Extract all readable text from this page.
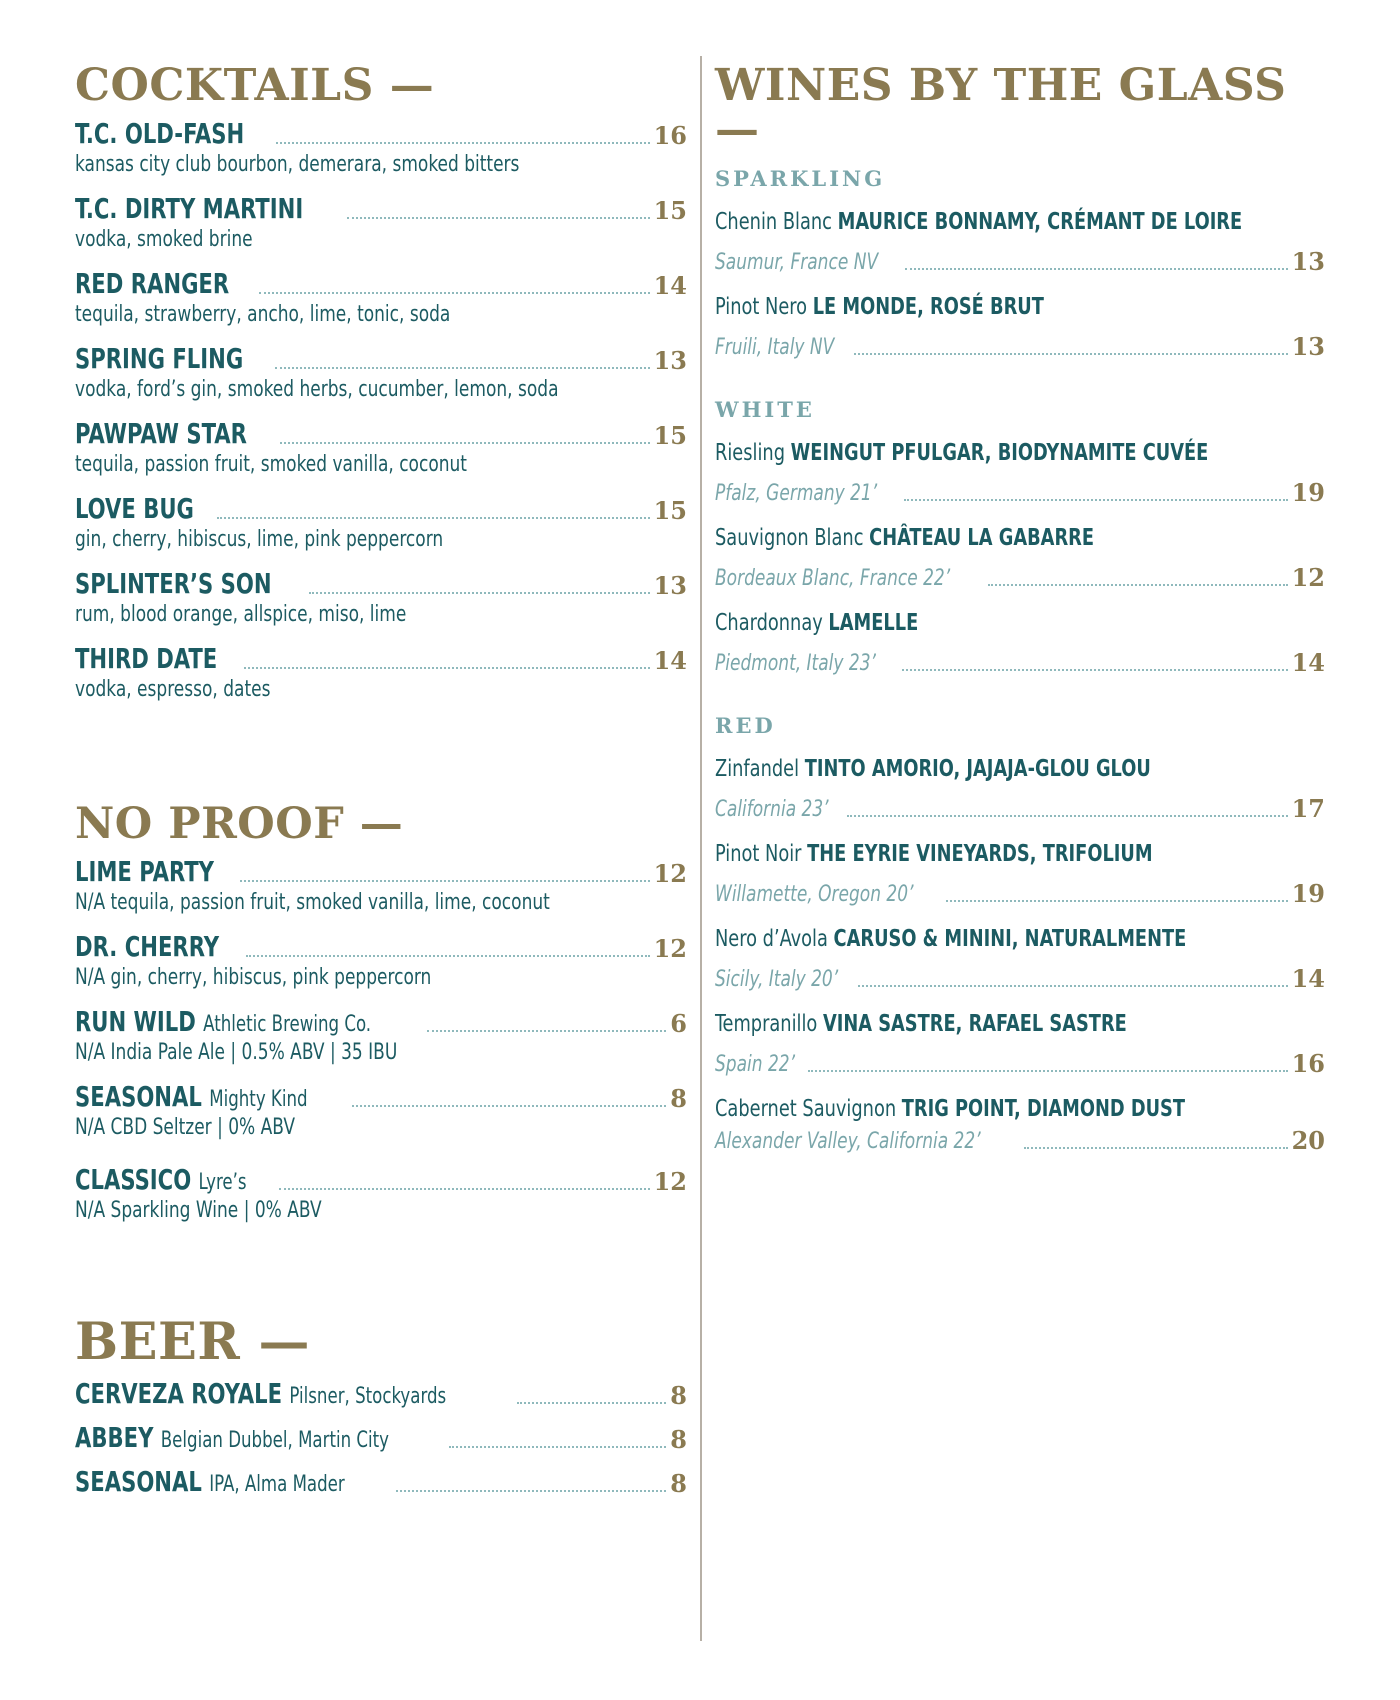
COCKTAILS —
T.C. OLD-FASH	16
kansas city club bourbon, demerara, smoked bitters
T.C. DIRTY MARTINI	15
vodka, smoked brine
RED RANGER	14
tequila, strawberry, ancho, lime, tonic, soda
SPRING FLING	13
vodka, ford’s gin, smoked herbs, cucumber, lemon, soda
PAWPAW STAR	15
tequila, passion fruit, smoked vanilla, coconut
LOVE BUG	15
gin, cherry, hibiscus, lime, pink peppercorn
SPLINTER’S SON	13
rum, blood orange, allspice, miso, lime
THIRD DATE	14
vodka, espresso, dates
NO PROOF —
LIME PARTY	12
N/A tequila, passion fruit, smoked vanilla, lime, coconut
DR. CHERRY	12
N/A gin, cherry, hibiscus, pink peppercorn
RUN WILD Athletic Brewing Co.	6
N/A India Pale Ale | 0.5% ABV | 35 IBU
SEASONAL Mighty Kind	8
N/A CBD Seltzer | 0% ABV
CLASSICO Lyre’s	12
N/A Sparkling Wine | 0% ABV
BEER —
CERVEZA ROYALE Pilsner, Stockyards	8
ABBEY Belgian Dubbel, Martin City	8
SEASONAL IPA, Alma Mader	8
WINES BY THE GLASS —
SPARKLING
Chenin Blanc MAURICE BONNAMY, CRÉMANT DE LOIRE
Saumur, France NV	13
Pinot Nero LE MONDE, ROSÉ BRUT
Fruili, Italy NV	13
WHITE
Riesling WEINGUT PFULGAR, BIODYNAMITE CUVÉE
Pfalz, Germany 21’	19
Sauvignon Blanc CHÂTEAU LA GABARRE
Bordeaux Blanc, France 22’	12
Chardonnay LAMELLE
Piedmont, Italy 23’	14
RED
Zinfandel TINTO AMORIO, JAJAJA-GLOU GLOU
California 23’	17
Pinot Noir THE EYRIE VINEYARDS, TRIFOLIUM
Willamette, Oregon 20’	19
Nero d’Avola CARUSO & MININI, NATURALMENTE
Sicily, Italy 20’	14
Tempranillo VINA SASTRE, RAFAEL SASTRE
Spain 22’	16
Cabernet Sauvignon TRIG POINT, DIAMOND DUST
Alexander Valley, California 22’	20
